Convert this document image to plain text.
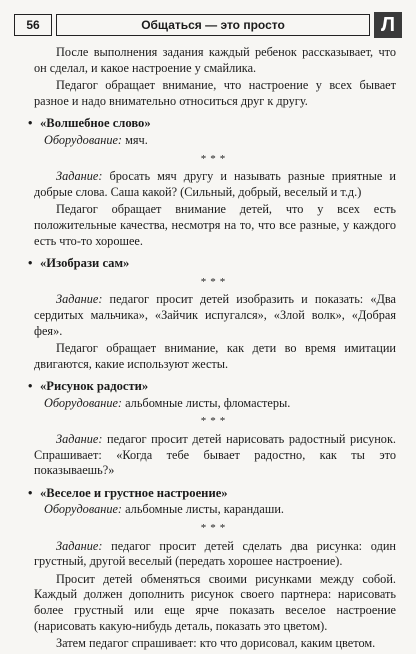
56	Общаться — это просто	Л

После выполнения задания каждый ребенок рассказывает, что он сделал, и какое настроение у смайлика.

Педагог обращает внимание, что настроение у всех бывает разное и надо внимательно относиться друг к другу.

• «Волшебное слово»
Оборудование: мяч.
***

Задание: бросать мяч другу и называть разные приятные и добрые слова. Саша какой? (Сильный, добрый, веселый и т.д.)

Педагог обращает внимание детей, что у всех есть положительные качества, несмотря на то, что все разные, у каждого есть что-то хорошее.

• «Изобрази сам»
***

Задание: педагог просит детей изобразить и показать: «Два сердитых мальчика», «Зайчик испугался», «Злой волк», «Добрая фея».

Педагог обращает внимание, как дети во время имитации двигаются, какие используют жесты.

• «Рисунок радости»
Оборудование: альбомные листы, фломастеры.
***

Задание: педагог просит детей нарисовать радостный рисунок. Спрашивает: «Когда тебе бывает радостно, как ты это показываешь?»

• «Веселое и грустное настроение»
Оборудование: альбомные листы, карандаши.
***

Задание: педагог просит детей сделать два рисунка: один грустный, другой веселый (передать хорошее настроение).

Просит детей обменяться своими рисунками между собой. Каждый должен дополнить рисунок своего партнера: нарисовать более грустный или еще ярче показать веселое настроение (нарисовать какую-нибудь деталь, показать это цветом).

Затем педагог спрашивает: кто что дорисовал, каким цветом.
